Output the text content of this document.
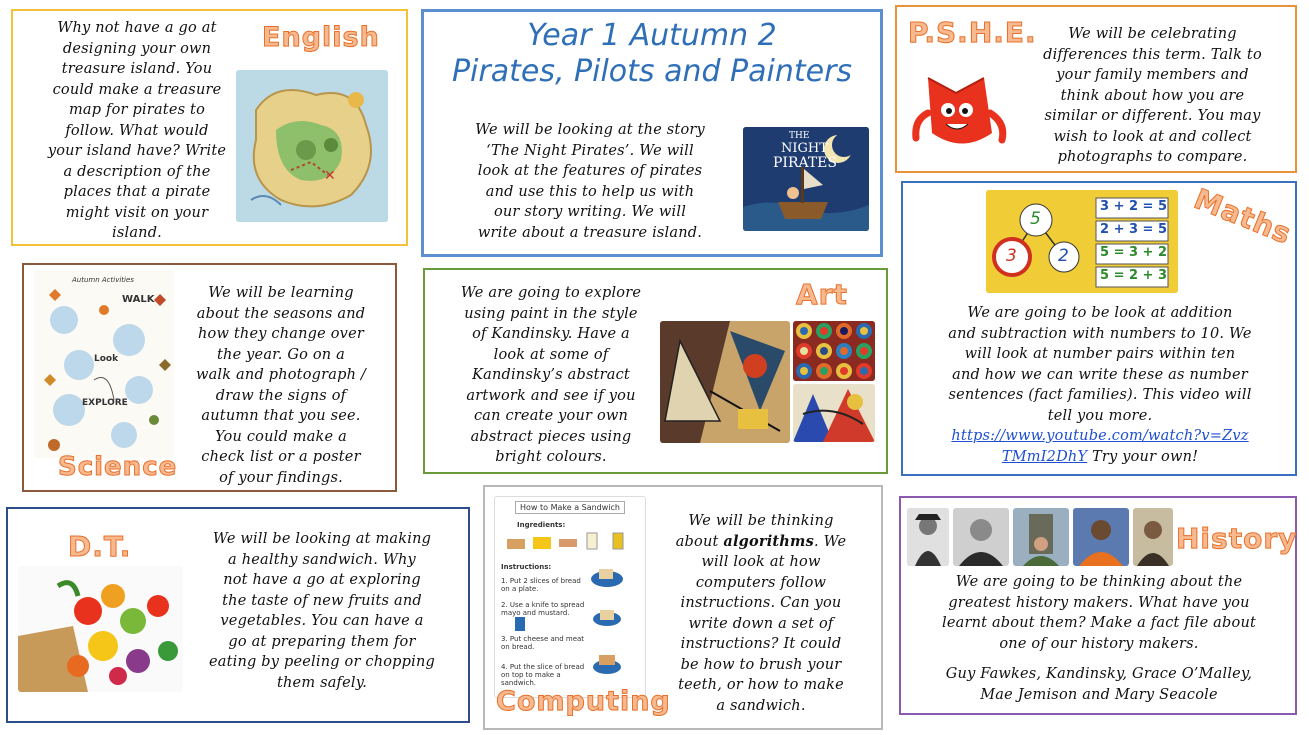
Why not have a go at
designing your own
treasure island. You
could make a treasure
map for pirates to
follow. What would
your island have? Write
a description of the
places that a pirate
might visit on your
island.
English
✕
Year 1 Autumn 2
Pirates, Pilots and Painters
We will be looking at the story
‘The Night Pirates’. We will
look at the features of pirates
and use this to help us with
our story writing. We will
write about a treasure island.
THE
NIGHT
PIRATES
P.S.H.E.	We will be celebrating
differences this term. Talk to
your family members and
think about how you are
similar or different. You may
wish to look at and collect
photographs to compare.
5
3 2
3 + 2 = 5
2 + 3 = 5
5 = 3 + 2
5 = 2 + 3
Maths
We are going to be look at addition
and subtraction with numbers to 10. We
will look at number pairs within ten
and how we can write these as number
sentences (fact families). This video will
tell you more.
https://www.youtube.com/watch?v=Zvz
TMmI2DhY Try your own!
Autumn Activities
WALK
EXPLORE
Look
Science
We will be learning
about the seasons and
how they change over
the year. Go on a
walk and photograph /
draw the signs of
autumn that you see.
You could make a
check list or a poster
of your findings.
We are going to explore
using paint in the style
of Kandinsky. Have a
look at some of
Kandinsky’s abstract
artwork and see if you
can create your own
abstract pieces using
bright colours.
Art
D.T.	We will be looking at making
a healthy sandwich. Why
not have a go at exploring
the taste of new fruits and
vegetables. You can have a
go at preparing them for
eating by peeling or chopping
them safely.
How to Make a Sandwich
Ingredients:
Instructions:
1. Put 2 slices of bread on a plate.
2. Use a knife to spread mayo and mustard.
3. Put cheese and meat on bread.
4. Put the slice of bread on top to make a sandwich.
Computing
We will be thinking
about algorithms. We
will look at how
computers follow
instructions. Can you
write down a set of
instructions? It could
be how to brush your
teeth, or how to make
a sandwich.
History
We are going to be thinking about the
greatest history makers. What have you
learnt about them? Make a fact file about
one of our history makers.
Guy Fawkes, Kandinsky, Grace O’Malley,
Mae Jemison and Mary Seacole
